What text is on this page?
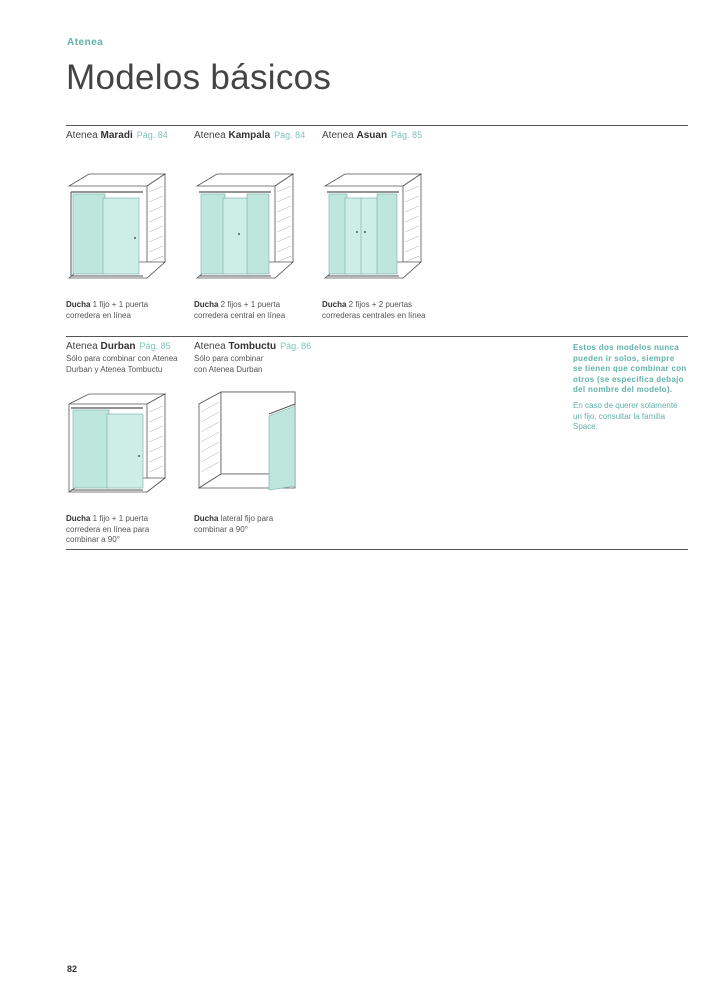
Atenea
Modelos básicos
Atenea Maradi Pág. 84	Atenea Kampala Pág. 84 Atenea Asuan Pág. 85
Ducha 1 fijo + 1 puerta
corredera en línea
Ducha 2 fijos + 1 puerta
corredera central en línea
Ducha 2 fijos + 2 puertas
correderas centrales en línea
Atenea Durban Pág. 85
Sólo para combinar con Atenea
Durban y Atenea Tombuctu
Atenea Tombuctu Pág. 86
Sólo para combinar
con Atenea Durban
Ducha 1 fijo + 1 puerta
corredera en línea para
combinar a 90°
Ducha lateral fijo para
combinar a 90°
Estos dos modelos nunca
pueden ir solos, siempre
se tienen que combinar con
otros (se especifica debajo
del nombre del modelo).
En caso de querer solamente
un fijo, consultar la familia
Space.
82
